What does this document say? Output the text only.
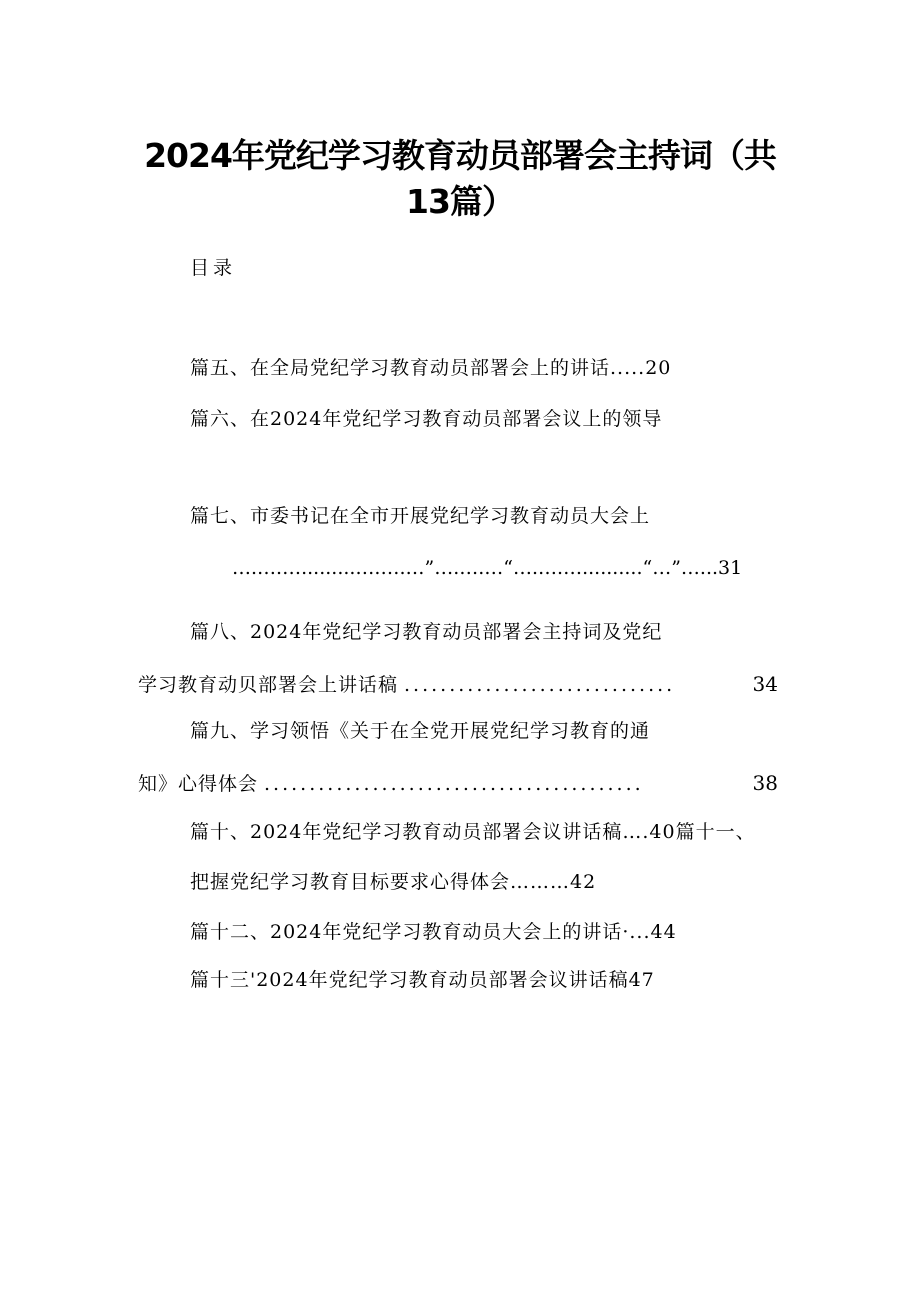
2024年党纪学习教育动员部署会主持词（共
13篇）
目录
篇五、在全局党纪学习教育动员部署会上的讲话.....20
篇六、在2024年党纪学习教育动员部署会议上的领导
篇七、市委书记在全市开展党纪学习教育动员大会上
….….….........….….…”….….…“….….…..........“…”…...31
篇八、2024年党纪学习教育动员部署会主持词及党纪
学习教育动贝部署会上讲话稿 ..............................	34
篇九、学习领悟《关于在全党开展党纪学习教育的通
知》心得体会 ..........................................	38
篇十、2024年党纪学习教育动员部署会议讲话稿….40篇十一、
把握党纪学习教育目标要求心得体会………42
篇十二、2024年党纪学习教育动员大会上的讲话·...44
篇十三'2024年党纪学习教育动员部署会议讲话稿47
